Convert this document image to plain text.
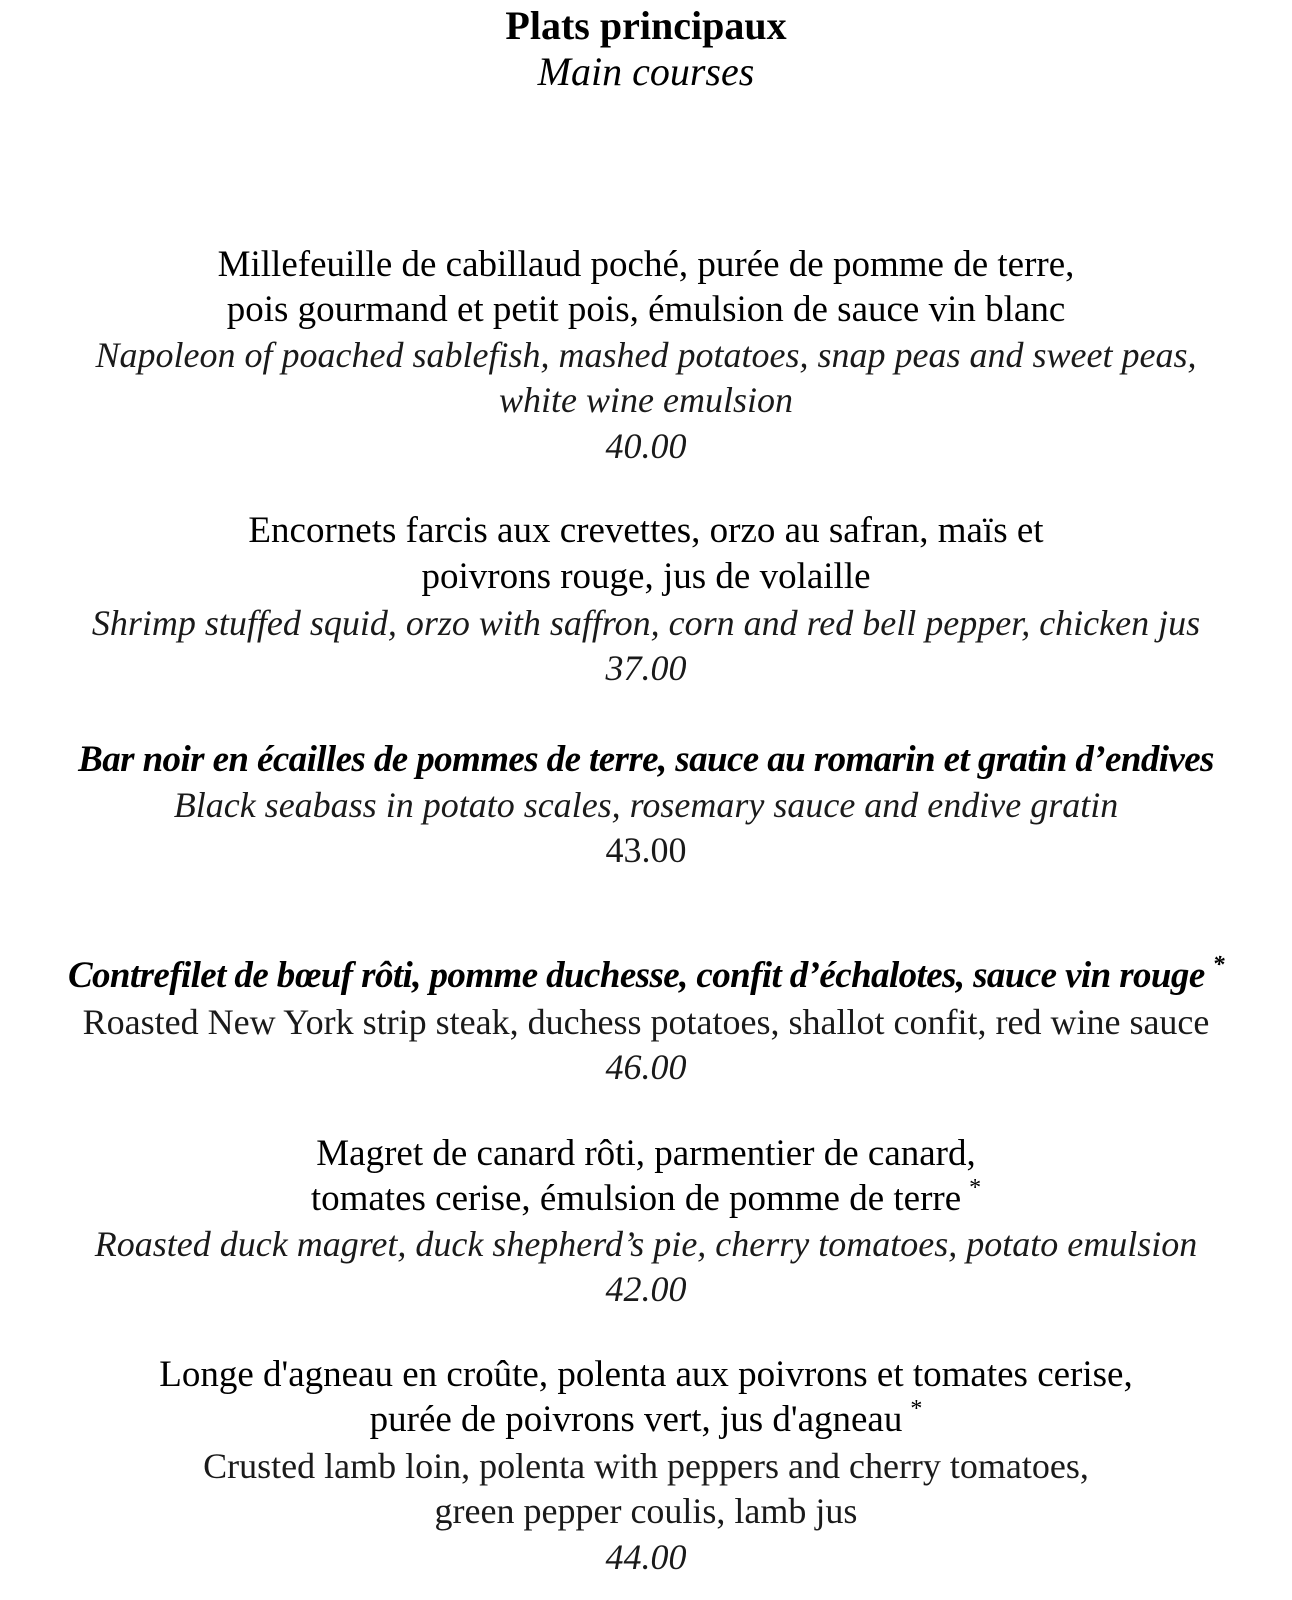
Plats principaux
Main courses
Millefeuille de cabillaud poché, purée de pomme de terre,
pois gourmand et petit pois, émulsion de sauce vin blanc
Napoleon of poached sablefish, mashed potatoes, snap peas and sweet peas,
white wine emulsion
40.00
Encornets farcis aux crevettes, orzo au safran, maïs et
poivrons rouge, jus de volaille
Shrimp stuffed squid, orzo with saffron, corn and red bell pepper, chicken jus
37.00
Bar noir en écailles de pommes de terre, sauce au romarin et gratin d’endives
Black seabass in potato scales, rosemary sauce and endive gratin
43.00
Contrefilet de bœuf rôti, pomme duchesse, confit d’échalotes, sauce vin rouge *
Roasted New York strip steak, duchess potatoes, shallot confit, red wine sauce
46.00
Magret de canard rôti, parmentier de canard,
tomates cerise, émulsion de pomme de terre *
Roasted duck magret, duck shepherd’s pie, cherry tomatoes, potato emulsion
42.00
Longe d'agneau en croûte, polenta aux poivrons et tomates cerise,
purée de poivrons vert, jus d'agneau *
Crusted lamb loin, polenta with peppers and cherry tomatoes,
green pepper coulis, lamb jus
44.00
